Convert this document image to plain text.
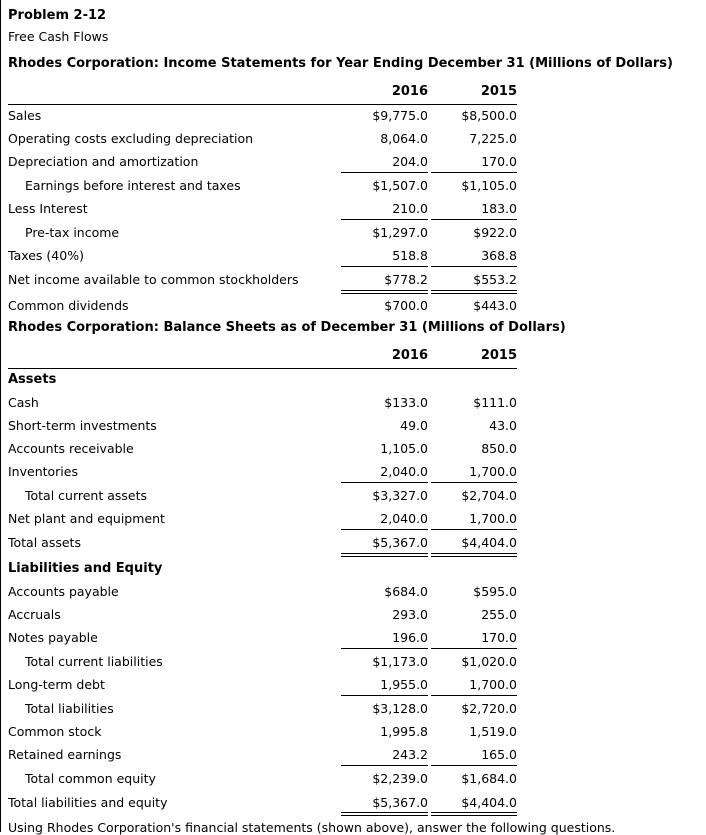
Problem 2-12
Free Cash Flows
Rhodes Corporation: Income Statements for Year Ending December 31 (Millions of Dollars)
2016	2015
Sales	$9,775.0	$8,500.0
Operating costs excluding depreciation	8,064.0	7,225.0
Depreciation and amortization	204.0	170.0
Earnings before interest and taxes	$1,507.0	$1,105.0
Less Interest	210.0	183.0
Pre-tax income	$1,297.0	$922.0
Taxes (40%)	518.8	368.8
Net income available to common stockholders	$778.2	$553.2
Common dividends	$700.0	$443.0
Rhodes Corporation: Balance Sheets as of December 31 (Millions of Dollars)
2016	2015
Assets
Cash	$133.0	$111.0
Short-term investments	49.0	43.0
Accounts receivable	1,105.0	850.0
Inventories	2,040.0	1,700.0
Total current assets	$3,327.0	$2,704.0
Net plant and equipment	2,040.0	1,700.0
Total assets	$5,367.0	$4,404.0
Liabilities and Equity
Accounts payable	$684.0	$595.0
Accruals	293.0	255.0
Notes payable	196.0	170.0
Total current liabilities	$1,173.0	$1,020.0
Long-term debt	1,955.0	1,700.0
Total liabilities	$3,128.0	$2,720.0
Common stock	1,995.8	1,519.0
Retained earnings	243.2	165.0
Total common equity	$2,239.0	$1,684.0
Total liabilities and equity	$5,367.0	$4,404.0
Using Rhodes Corporation's financial statements (shown above), answer the following questions.
